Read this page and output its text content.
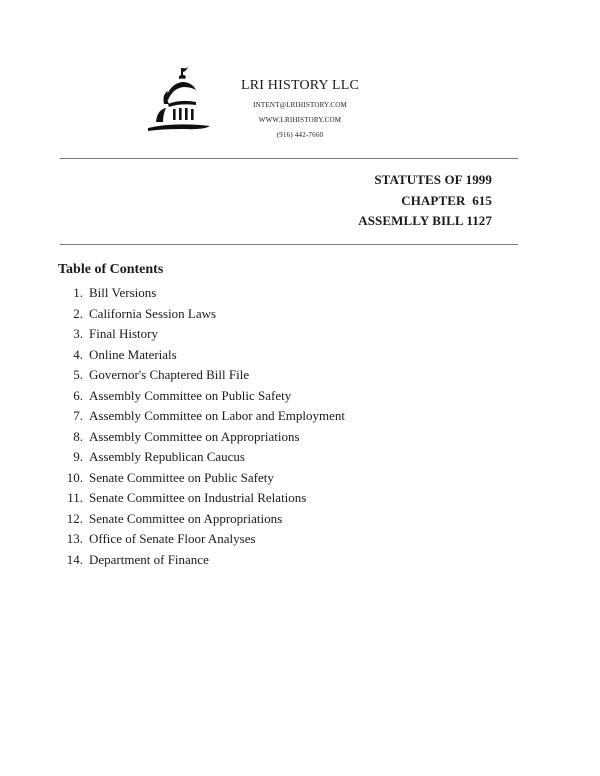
LRI HISTORY LLC
INTENT@LRIHISTORY.COM
WWW.LRIHISTORY.COM
(916) 442-7660
STATUTES OF 1999
CHAPTER  615
ASSEMLLY BILL 1127
Table of Contents
1. Bill Versions
2. California Session Laws
3. Final History
4. Online Materials
5. Governor's Chaptered Bill File
6. Assembly Committee on Public Safety
7. Assembly Committee on Labor and Employment
8. Assembly Committee on Appropriations
9. Assembly Republican Caucus
10. Senate Committee on Public Safety
11. Senate Committee on Industrial Relations
12. Senate Committee on Appropriations
13. Office of Senate Floor Analyses
14. Department of Finance
